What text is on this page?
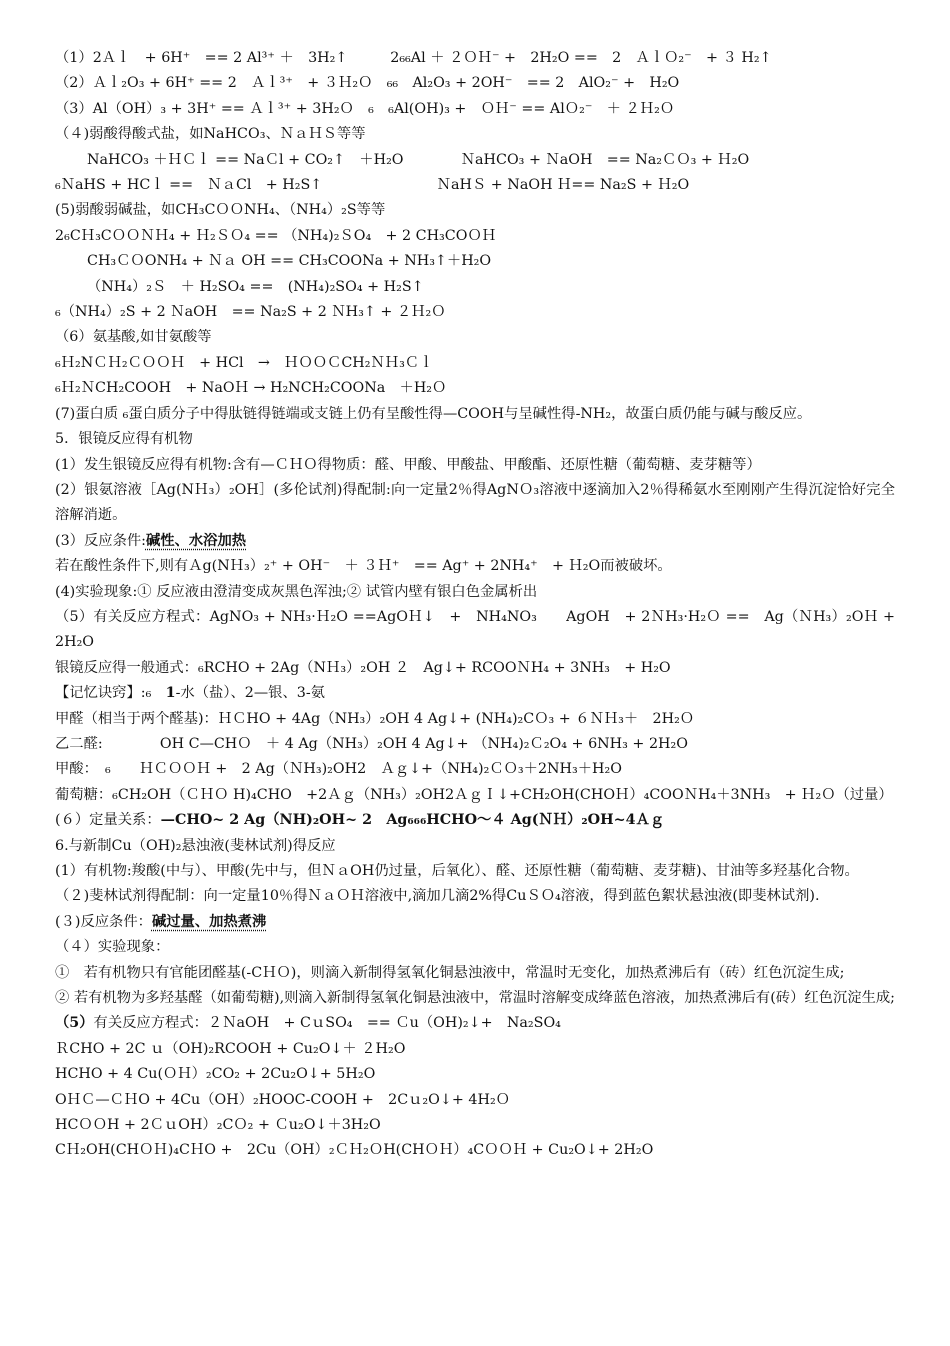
（1）2Ａｌ　+ 6H⁺　== 2 Al³⁺ ＋　3H₂↑　　　2₆₆Al ＋ ２ＯＨ⁻ +　2H₂O ==　2　ＡｌＯ₂⁻　+ ３ H₂↑
（2）Ａｌ₂O₃ + 6H⁺ == 2　Ａｌ³⁺　+ ３Ｈ₂Ｏ　₆₆　Al₂O₃ + 2OH⁻　== 2　AlO₂⁻ +　H₂O
（3）Al（OH）₃ + 3H⁺ == Ａｌ³⁺ + 3H₂Ｏ　₆　₆Al(OH)₃ +　ＯＨ⁻ == AlＯ₂⁻　＋ ２Ｈ₂Ｏ
（４)弱酸得酸式盐，如NaHCO₃、ＮａＨＳ等等
NaHCO₃ ＋ＨＣｌ == NaＣl + CO₂↑　＋H₂O　　　　ＮaHCO₃ + ＮaOH　== Na₂ＣＯ₃ + Ｈ₂O
₆ＮaHS + HCｌ ==　ＮａCl　+ H₂S↑　　　　　　　　ＮaHＳ + NaOH Ｈ== Na₂S + Ｈ₂O
(5)弱酸弱碱盐，如CH₃CＯＯNH₄、（NH₄）₂S等等
2₆CＨ₃CＯＯＮＨ₄ + Ｈ₂ＳＯ₄ == （NH₄)₂ＳO₄　+ 2 CH₃COＯＨ
CH₃ＣＯONH₄ + Ｎａ OH == CH₃COONa + NH₃↑＋H₂O
（NH₄）₂Ｓ　＋ H₂SO₄ ==　(NH₄)₂SO₄ + H₂S↑
₆（NH₄）₂S + 2 ＮaOH　== Na₂S + 2 ＮH₃↑ + ２Ｈ₂Ｏ
（6）氨基酸,如甘氨酸等
₆Ｈ₂NＣＨ₂ＣＯＯＨ　+ HCl　→　ＨＯＯＣCH₂ＮＨ₃Ｃｌ
₆Ｈ₂ＮCH₂COOH　+ NaOＨ → H₂NCH₂COONa　＋H₂Ｏ
(7)蛋白质 ₆蛋白质分子中得肽链得链端或支链上仍有呈酸性得—COOH与呈碱性得-NH₂，故蛋白质仍能与碱与酸反应。
5．银镜反应得有机物
(1）发生银镜反应得有机物:含有—ＣＨＯ得物质：醛、甲酸、甲酸盐、甲酸酯、还原性糖（葡萄糖、麦芽糖等）
(2）银氨溶液［Ag(NＨ₃）₂OH］(多伦试剂)得配制:向一定量2％得AgNＯ₃溶液中逐滴加入2％得稀氨水至刚刚产生得沉淀恰好完全溶解消逝。
(3）反应条件:碱性、水浴加热
若在酸性条件下,则有Ａg(NＨ₃）₂⁺ + OH⁻　＋ ３Ｈ⁺　== Ag⁺ + 2NH₄⁺　+ Ｈ₂O而被破坏。
(4)实验现象:① 反应液由澄清变成灰黑色浑浊;② 试管内壁有银白色金属析出
（5）有关反应方程式：AgNO₃ + NH₃·Ｈ₂O ==AgOＨ↓　+　NH₄NO₃　　AgOH　+ 2ＮH₃·H₂Ｏ ==　Ag（ＮH₃）₂OＨ +　2H₂O
银镜反应得一般通式：₆RCHO + 2Ag（NＨ₃）₂OH ２　Ag↓+ RCOOＮH₄ + 3NH₃　+ H₂O
【记忆诀窍】:₆　1-水（盐）、2—银、3-氨
甲醛（相当于两个醛基)：ＨＣHO + 4Ag（NH₃）₂OH 4 Ag↓+ (NH₄)₂CＯ₃ + ６ＮＨ₃＋　2H₂Ｏ
乙二醛:　　　　OH C—CHＯ　＋ 4 Ag（NH₃）₂OH 4 Ag↓+ （NH₄)₂Ｃ₂O₄ + 6NH₃ + 2H₂O
甲酸：　₆　　ＨＣＯＯＨ +　2 Ag（ＮH₃)₂OH2　Ａｇ↓+（NH₄)₂ＣＯ₃＋2NH₃＋H₂O
葡萄糖：₆CH₂OH（ＣＨＯ H)₄CHO　+2Ａｇ（NH₃）₂OH2ＡｇＩ↓+CH₂OH(CHOＨ）₄COOＮH₄＋3NH₃　+ Ｈ₂Ｏ（过量）
(６）定量关系：—CHO~ 2 Ag（NH)₂OH~ 2　Ag₆₆₆HCHO～４ Ag(ＮＨ）₂OH~4Ａｇ
6.与新制Cu（OH)₂悬浊液(斐林试剂)得反应
(1）有机物:羧酸(中与）、甲酸(先中与，但ＮａOH仍过量，后氧化）、醛、还原性糖（葡萄糖、麦芽糖)、甘油等多羟基化合物。
（２)斐林试剂得配制：向一定量10％得ＮａＯＨ溶液中,滴加几滴2%得CuＳＯ₄溶液，得到蓝色絮状悬浊液(即斐林试剂).
(３)反应条件：碱过量、加热煮沸
（４）实验现象：
①　若有机物只有官能团醛基(-CＨＯ)，则滴入新制得氢氧化铜悬浊液中，常温时无变化，加热煮沸后有（砖）红色沉淀生成;
② 若有机物为多羟基醛（如葡萄糖),则滴入新制得氢氧化铜悬浊液中，常温时溶解变成绛蓝色溶液，加热煮沸后有(砖）红色沉淀生成;
（5）有关反应方程式：２ＮaOH　+ CｕSO₄　== Ｃu（OH)₂↓+　Na₂SO₄
ＲCHO + 2C ｕ（OH)₂RCOOH + Cu₂O↓＋ ２H₂O
HCHO + 4 Cu(ＯＨ）₂CO₂ + 2Cu₂O↓+ 5H₂O
OＨＣ—ＣＨO + 4Cu（OH）₂HOOC-COOH +　2Cｕ₂O↓+ 4H₂Ｏ
HCＯＯH + 2ＣｕOH）₂CＯ₂ + Ｃu₂O↓＋3H₂O
CＨ₂OH(CHＯＨ)₄CＨO +　2Cu（OH）₂ＣＨ₂ＯH(CHＯＨ）₄CＯＯＨ + Cu₂O↓+ 2H₂O
